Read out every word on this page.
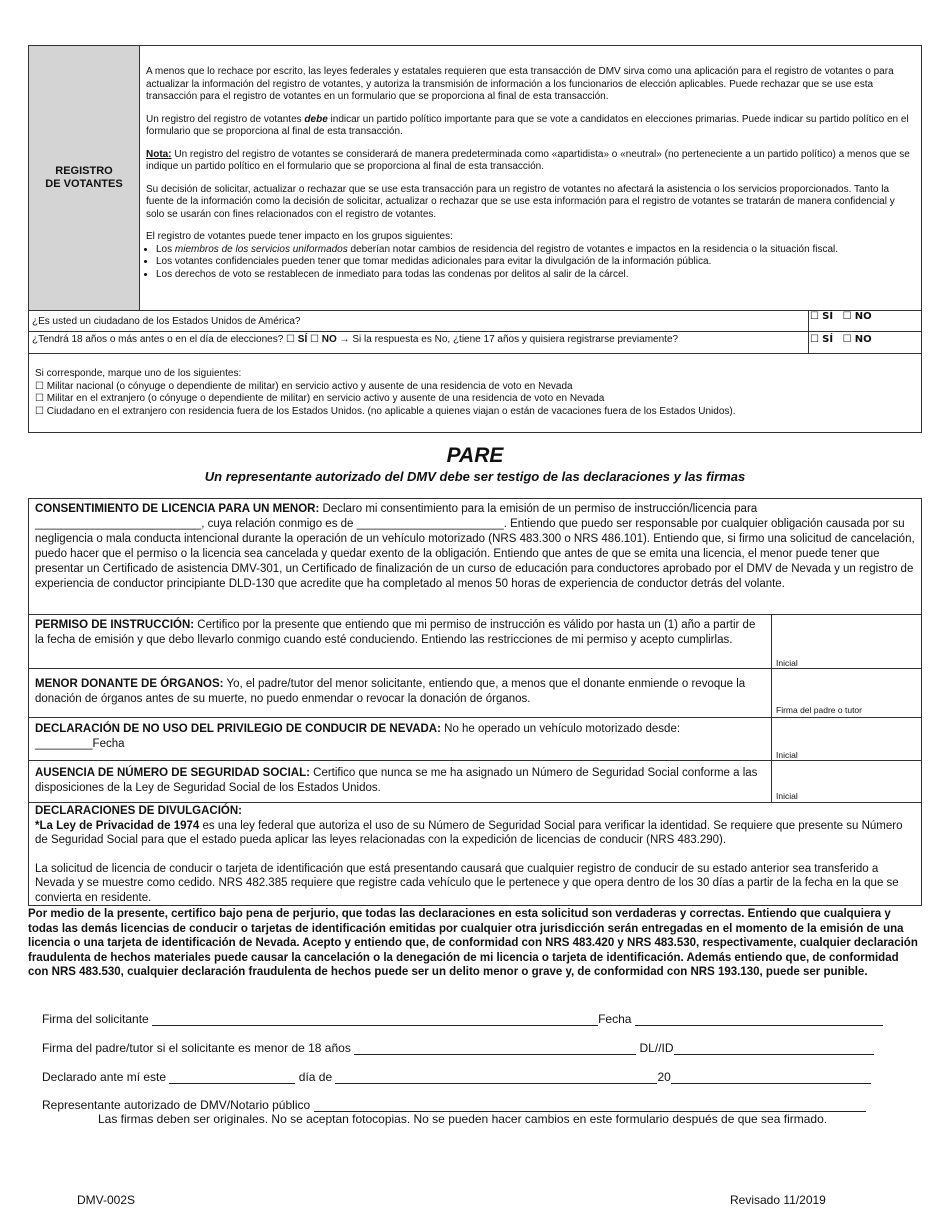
REGISTRO
DE VOTANTES

A menos que lo rechace por escrito, las leyes federales y estatales requieren que esta transacción de DMV sirva como una aplicación para el registro de votantes o para actualizar la información del registro de votantes, y autoriza la transmisión de información a los funcionarios de elección aplicables. Puede rechazar que se use esta transacción para el registro de votantes en un formulario que se proporciona al final de esta transacción.

Un registro del registro de votantes debe indicar un partido político importante para que se vote a candidatos en elecciones primarias. Puede indicar su partido político en el formulario que se proporciona al final de esta transacción.

Nota: Un registro del registro de votantes se considerará de manera predeterminada como «apartidista» o «neutral» (no perteneciente a un partido político) a menos que se indique un partido político en el formulario que se proporciona al final de esta transacción.

Su decisión de solicitar, actualizar o rechazar que se use esta transacción para un registro de votantes no afectará la asistencia o los servicios proporcionados. Tanto la fuente de la información como la decisión de solicitar, actualizar o rechazar que se use esta información para el registro de votantes se tratarán de manera confidencial y solo se usarán con fines relacionados con el registro de votantes.

El registro de votantes puede tener impacto en los grupos siguientes:

• Los miembros de los servicios uniformados deberían notar cambios de residencia del registro de votantes e impactos en la residencia o la situación fiscal.
• Los votantes confidenciales pueden tener que tomar medidas adicionales para evitar la divulgación de la información pública.
• Los derechos de voto se restablecen de inmediato para todas las condenas por delitos al salir de la cárcel.
¿Es usted un ciudadano de los Estados Unidos de América?	☐ SÍ   ☐ NO
¿Tendrá 18 años o más antes o en el día de elecciones? ☐ SÍ ☐ NO → Si la respuesta es No, ¿tiene 17 años y quisiera registrarse previamente?	☐ SÍ   ☐ NO

Si corresponde, marque uno de los siguientes:

☐ Militar nacional (o cónyuge o dependiente de militar) en servicio activo y ausente de una residencia de voto en Nevada

☐ Militar en el extranjero (o cónyuge o dependiente de militar) en servicio activo y ausente de una residencia de voto en Nevada

☐ Ciudadano en el extranjero con residencia fuera de los Estados Unidos. (no aplicable a quienes viajan o están de vacaciones fuera de los Estados Unidos).

PARE
Un representante autorizado del DMV debe ser testigo de las declaraciones y las firmas
CONSENTIMIENTO DE LICENCIA PARA UN MENOR: Declaro mi consentimiento para la emisión de un permiso de instrucción/licencia para __________________________, cuya relación conmigo es de _______________________. Entiendo que puedo ser responsable por cualquier obligación causada por su negligencia o mala conducta intencional durante la operación de un vehículo motorizado (NRS 483.300 o NRS 486.101). Entiendo que, si firmo una solicitud de cancelación, puedo hacer que el permiso o la licencia sea cancelada y quedar exento de la obligación. Entiendo que antes de que se emita una licencia, el menor puede tener que presentar un Certificado de asistencia DMV-301, un Certificado de finalización de un curso de educación para conductores aprobado por el DMV de Nevada y un registro de experiencia de conductor principiante DLD-130 que acredite que ha completado al menos 50 horas de experiencia de conductor detrás del volante.
PERMISO DE INSTRUCCIÓN: Certifico por la presente que entiendo que mi permiso de instrucción es válido por hasta un (1) año a partir de la fecha de emisión y que debo llevarlo conmigo cuando esté conduciendo. Entiendo las restricciones de mi permiso y acepto cumplirlas.
Inicial
MENOR DONANTE DE ÓRGANOS: Yo, el padre/tutor del menor solicitante, entiendo que, a menos que el donante enmiende o revoque la donación de órganos antes de su muerte, no puedo enmendar o revocar la donación de órganos.
Firma del padre o tutor
DECLARACIÓN DE NO USO DEL PRIVILEGIO DE CONDUCIR DE NEVADA: No he operado un vehículo motorizado desde:
_________Fecha
Inicial
AUSENCIA DE NÚMERO DE SEGURIDAD SOCIAL: Certifico que nunca se me ha asignado un Número de Seguridad Social conforme a las disposiciones de la Ley de Seguridad Social de los Estados Unidos.
Inicial
DECLARACIONES DE DIVULGACIÓN:
*La Ley de Privacidad de 1974 es una ley federal que autoriza el uso de su Número de Seguridad Social para verificar la identidad. Se requiere que presente su Número de Seguridad Social para que el estado pueda aplicar las leyes relacionadas con la expedición de licencias de conducir (NRS 483.290).

La solicitud de licencia de conducir o tarjeta de identificación que está presentando causará que cualquier registro de conducir de su estado anterior sea transferido a Nevada y se muestre como cedido. NRS 482.385 requiere que registre cada vehículo que le pertenece y que opera dentro de los 30 días a partir de la fecha en la que se convierta en residente.

Por medio de la presente, certifico bajo pena de perjurio, que todas las declaraciones en esta solicitud son verdaderas y correctas. Entiendo que cualquiera y todas las demás licencias de conducir o tarjetas de identificación emitidas por cualquier otra jurisdicción serán entregadas en el momento de la emisión de una licencia o una tarjeta de identificación de Nevada. Acepto y entiendo que, de conformidad con NRS 483.420 y NRS 483.530, respectivamente, cualquier declaración fraudulenta de hechos materiales puede causar la cancelación o la denegación de mi licencia o tarjeta de identificación. Además entiendo que, de conformidad con NRS 483.530, cualquier declaración fraudulenta de hechos puede ser un delito menor o grave y, de conformidad con NRS 193.130, puede ser punible.
Firma del solicitante	Fecha
Firma del padre/tutor si el solicitante es menor de 18 años	DL//ID
Declarado ante mí este	día de	20
Representante autorizado de DMV/Notario público
Las firmas deben ser originales. No se aceptan fotocopias. No se pueden hacer cambios en este formulario después de que sea firmado.
DMV-002S	Revisado 11/2019
